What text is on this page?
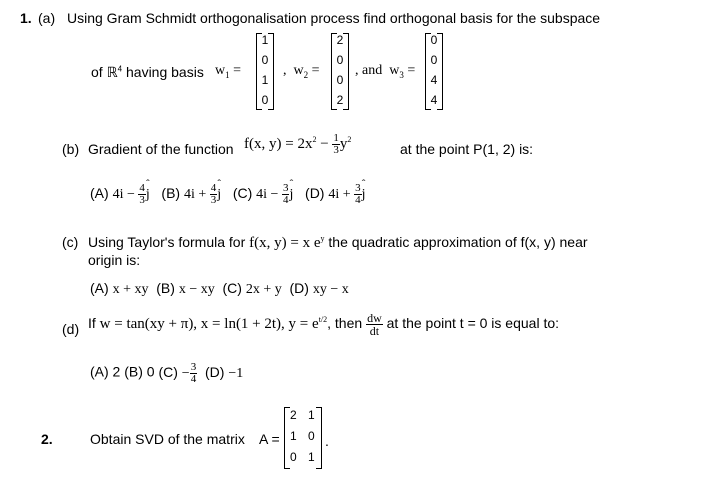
1. (a) Using Gram Schmidt orthogonalisation process find orthogonal basis for the subspace
of ℝ$^4$ having basis $w_1$ =
1
0
1
0
,  $w_2$ =
2
0
0
2
, and $w_3$ =
0
0
4
4
(b) Gradient of the function f(x, $y) = 2x^2 - \frac{1}{3} y^2$
at the point P(1, 2) is:
(A) $4i - \frac{4}{3}$ ˆ j (B) $4i + \frac{4}{3}$ ˆ j (C) $4i - \frac{3}{4}$ ˆ j (D) $4i + \frac{3}{4}$ ˆ j
(c) Using Taylor's formula for f(x, y) = x $e^y$ the quadratic approximation of f(x, y) near
origin is:
(A) x + xy (B) x − xy (C) 2x + y (D) xy − x
(d) If w = tan(xy + π), x = ln(1 + 2t), $y = e^{t/2}$, then $\frac{dw}{dt}$ at the point t = 0 is equal to:
(A) 2 (B) 0 $(C) - \frac{3}{4} (D) -1$
2.	Obtain SVD of the matrix A =
2 1
1 0
0 1
.
